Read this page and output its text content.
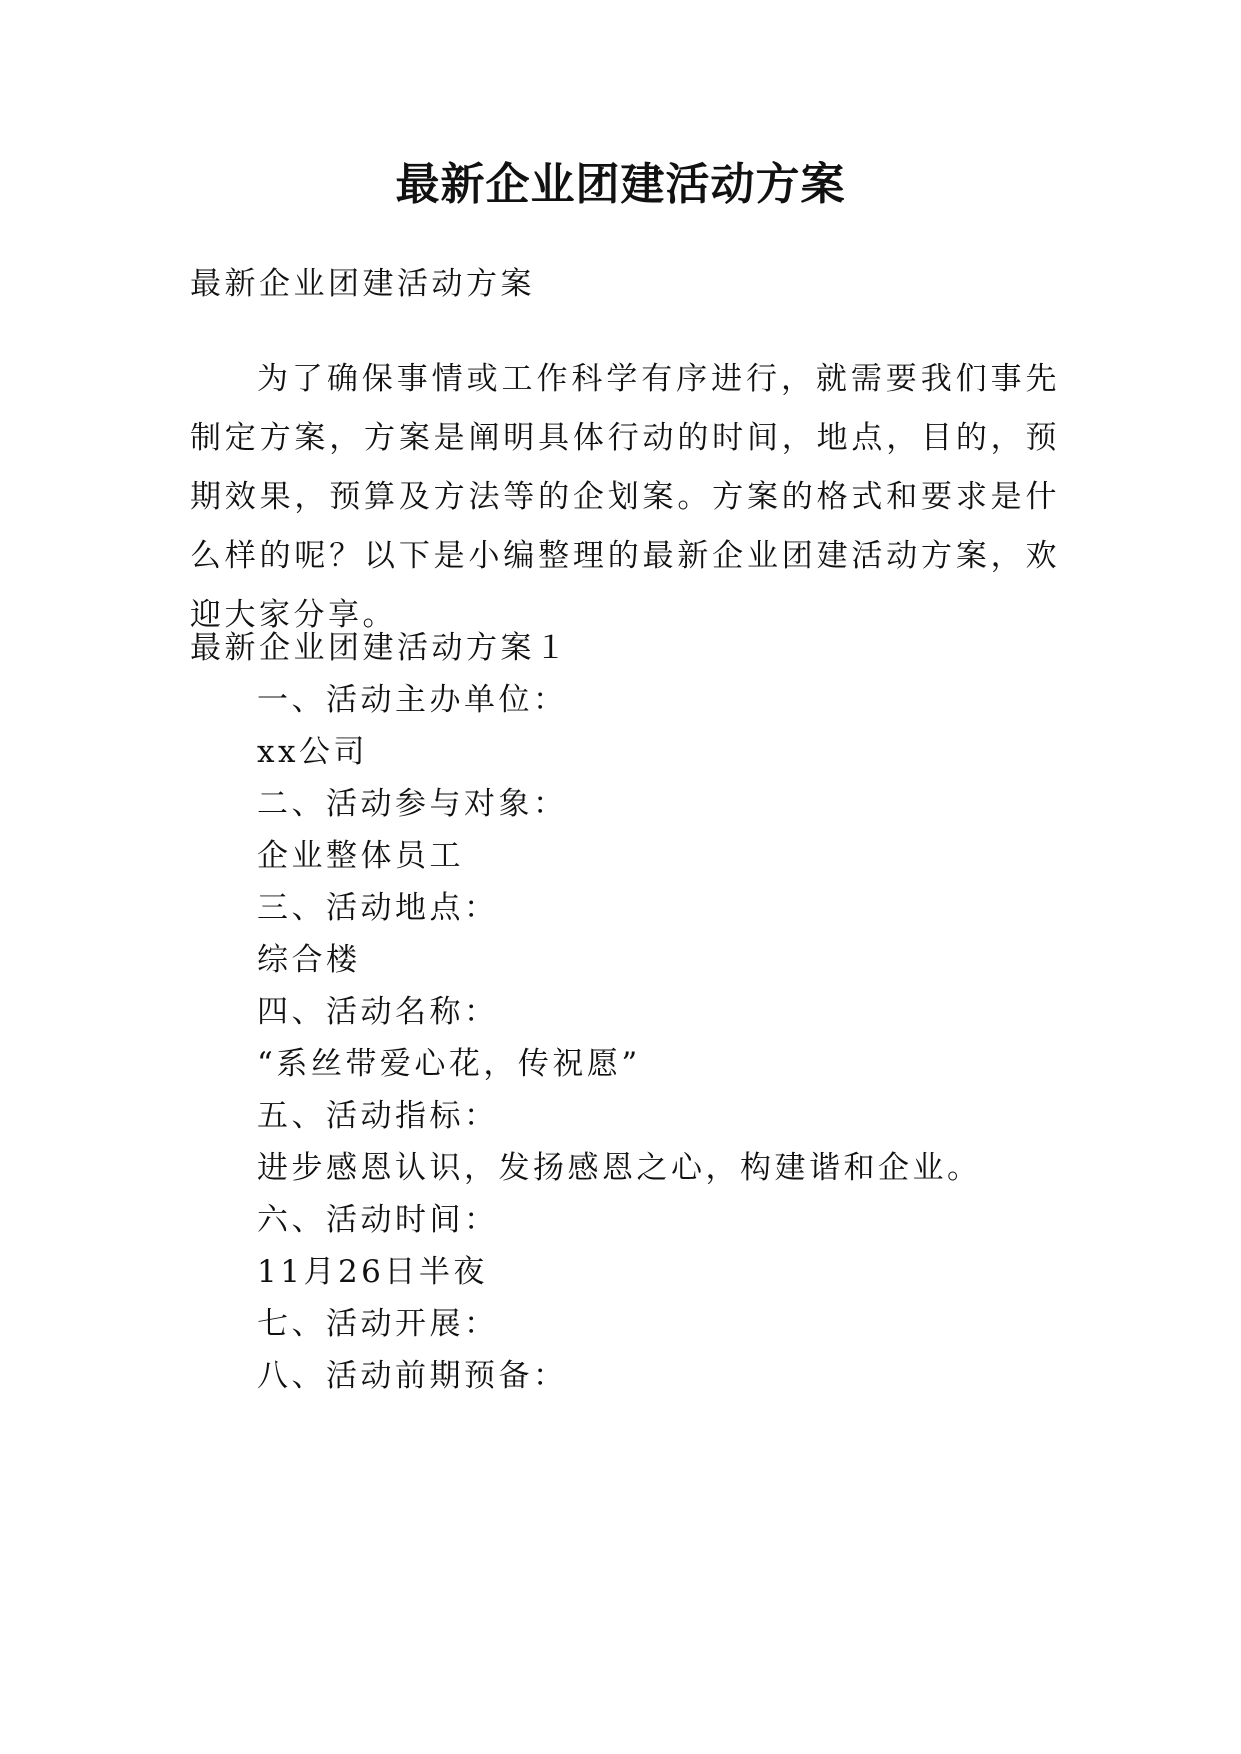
最新企业团建活动方案

最新企业团建活动方案

为了确保事情或工作科学有序进行，就需要我们事先制定方案，方案是阐明具体行动的时间，地点，目的，预期效果，预算及方法等的企划案。方案的格式和要求是什么样的呢？以下是小编整理的最新企业团建活动方案，欢迎大家分享。

最新企业团建活动方案１

一、活动主办单位：

xx公司

二、活动参与对象：

企业整体员工

三、活动地点：

综合楼

四、活动名称：

“系丝带爱心花，传祝愿”

五、活动指标：

进步感恩认识，发扬感恩之心，构建谐和企业。

六、活动时间：

11月26日半夜

七、活动开展：

八、活动前期预备：
